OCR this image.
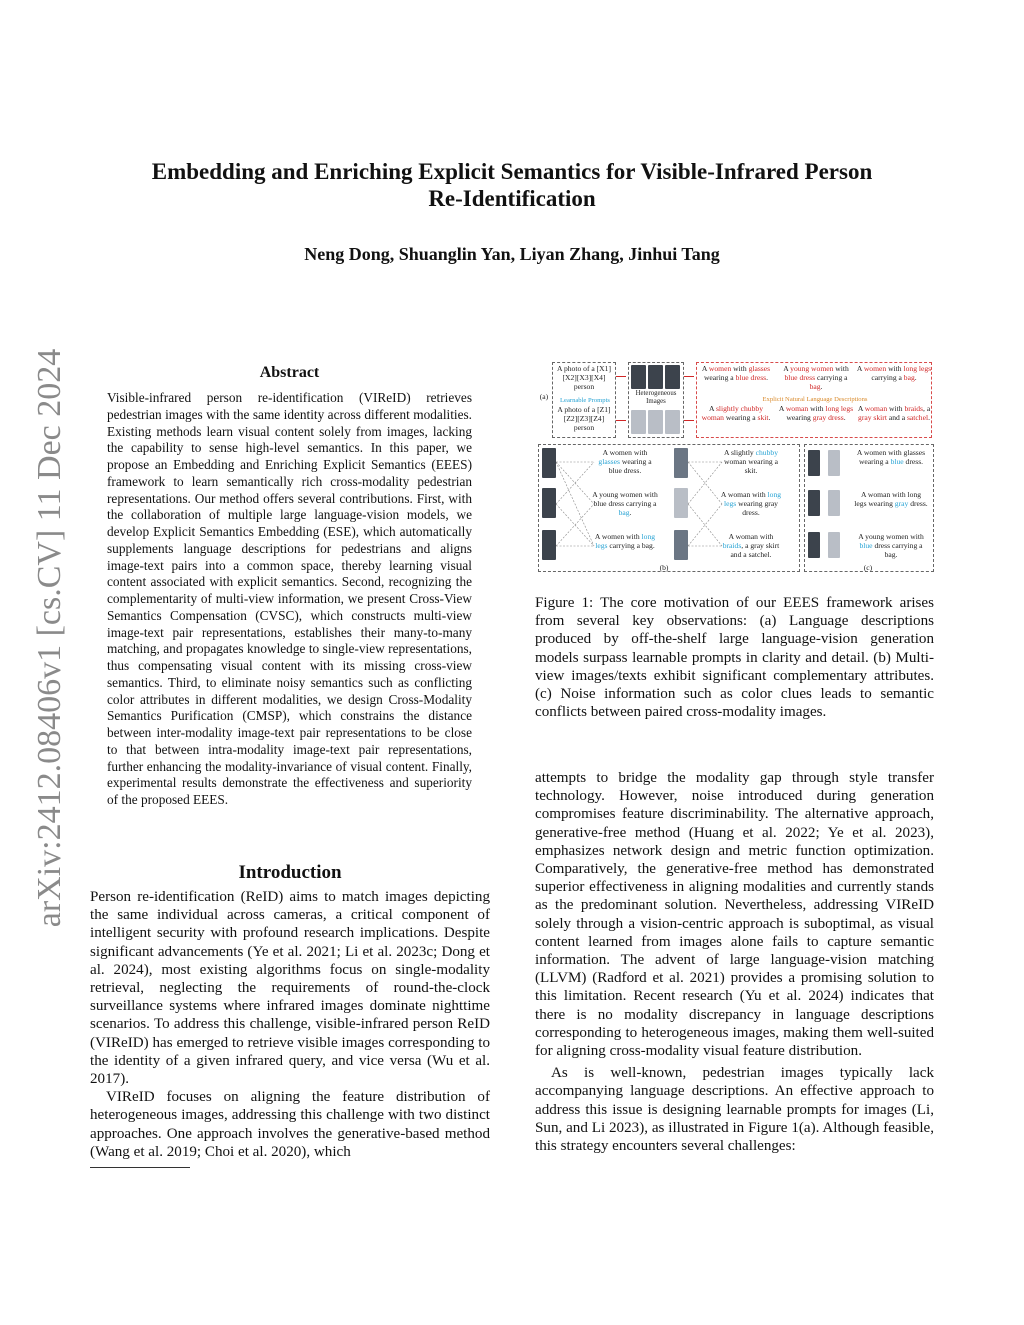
Embedding and Enriching Explicit Semantics for Visible-Infrared Person
Re-Identification
Neng Dong, Shuanglin Yan, Liyan Zhang, Jinhui Tang
arXiv:2412.08406v1 [cs.CV] 11 Dec 2024	Abstract
Visible-infrared person re-identification (VIReID) retrieves pedestrian images with the same identity across different modalities. Existing methods learn visual content solely from images, lacking the capability to sense high-level semantics. In this paper, we propose an Embedding and Enriching Explicit Semantics (EEES) framework to learn semantically rich cross-modality pedestrian representations. Our method offers several contributions. First, with the collaboration of multiple large language-vision models, we develop Explicit Semantics Embedding (ESE), which automatically supplements language descriptions for pedestrians and aligns image-text pairs into a common space, thereby learning visual content associated with explicit semantics. Second, recognizing the complementarity of multi-view information, we present Cross-View Semantics Compensation (CVSC), which constructs multi-view image-text pair representations, establishes their many-to-many matching, and propagates knowledge to single-view representations, thus compensating visual content with its missing cross-view semantics. Third, to eliminate noisy semantics such as conflicting color attributes in different modalities, we design Cross-Modality Semantics Purification (CMSP), which constrains the distance between inter-modality image-text pair representations to be close to that between intra-modality image-text pair representations, further enhancing the modality-invariance of visual content. Finally, experimental results demonstrate the effectiveness and superiority of the proposed EEES.
Introduction

Person re-identification (ReID) aims to match images depicting the same individual across cameras, a critical component of intelligent security with profound research implications. Despite significant advancements (Ye et al. 2021; Li et al. 2023c; Dong et al. 2024), most existing algorithms focus on single-modality retrieval, neglecting the requirements of round-the-clock surveillance systems where infrared images dominate nighttime scenarios. To address this challenge, visible-infrared person ReID (VIReID) has emerged to retrieve visible images corresponding to the identity of a given infrared query, and vice versa (Wu et al. 2017).

VIReID focuses on aligning the feature distribution of heterogeneous images, addressing this challenge with two distinct approaches. One approach involves the generative-based method (Wang et al. 2019; Choi et al. 2020), which

(a)
A photo of a [X1][X2][X3][X4] person
Learnable Prompts
A photo of a [Z1][Z2][Z3][Z4] person
Heterogeneous Images
A women with glasses wearing a blue dress.
A young women with blue dress carrying a bag.
A women with long legs carrying a bag.
Explicit Natural Language Descriptions
A slightly chubby woman wearing a skit.
A woman with long legs wearing gray dress.
A woman with braids, a gray skirt and a satchel.
A women with glasses wearing a blue dress.
A young women with blue dress carrying a bag.
A women with long legs carrying a bag.
A slightly chubby woman wearing a skit.
A woman with long legs wearing gray dress.
A woman with braids, a gray skirt and a satchel.
(b)
A women with glasses wearing a blue dress.
A woman with long legs wearing gray dress.
A young women with blue dress carrying a bag.
(c)
Figure 1: The core motivation of our EEES framework arises from several key observations: (a) Language descriptions produced by off-the-shelf large language-vision generation models surpass learnable prompts in clarity and detail. (b) Multi-view images/texts exhibit significant complementary attributes. (c) Noise information such as color clues leads to semantic conflicts between paired cross-modality images.

attempts to bridge the modality gap through style transfer technology. However, noise introduced during generation compromises feature discriminability. The alternative approach, generative-free method (Huang et al. 2022; Ye et al. 2023), emphasizes network design and metric function optimization. Comparatively, the generative-free method has demonstrated superior effectiveness in aligning modalities and currently stands as the predominant solution. Nevertheless, addressing VIReID solely through a vision-centric approach is suboptimal, as visual content learned from images alone fails to capture semantic information. The advent of large language-vision matching (LLVM) (Radford et al. 2021) provides a promising solution to this limitation. Recent research (Yu et al. 2024) indicates that there is no modality discrepancy in language descriptions corresponding to heterogeneous images, making them well-suited for aligning cross-modality visual feature distribution.

As is well-known, pedestrian images typically lack accompanying language descriptions. An effective approach to address this issue is designing learnable prompts for images (Li, Sun, and Li 2023), as illustrated in Figure 1(a). Although feasible, this strategy encounters several challenges:
